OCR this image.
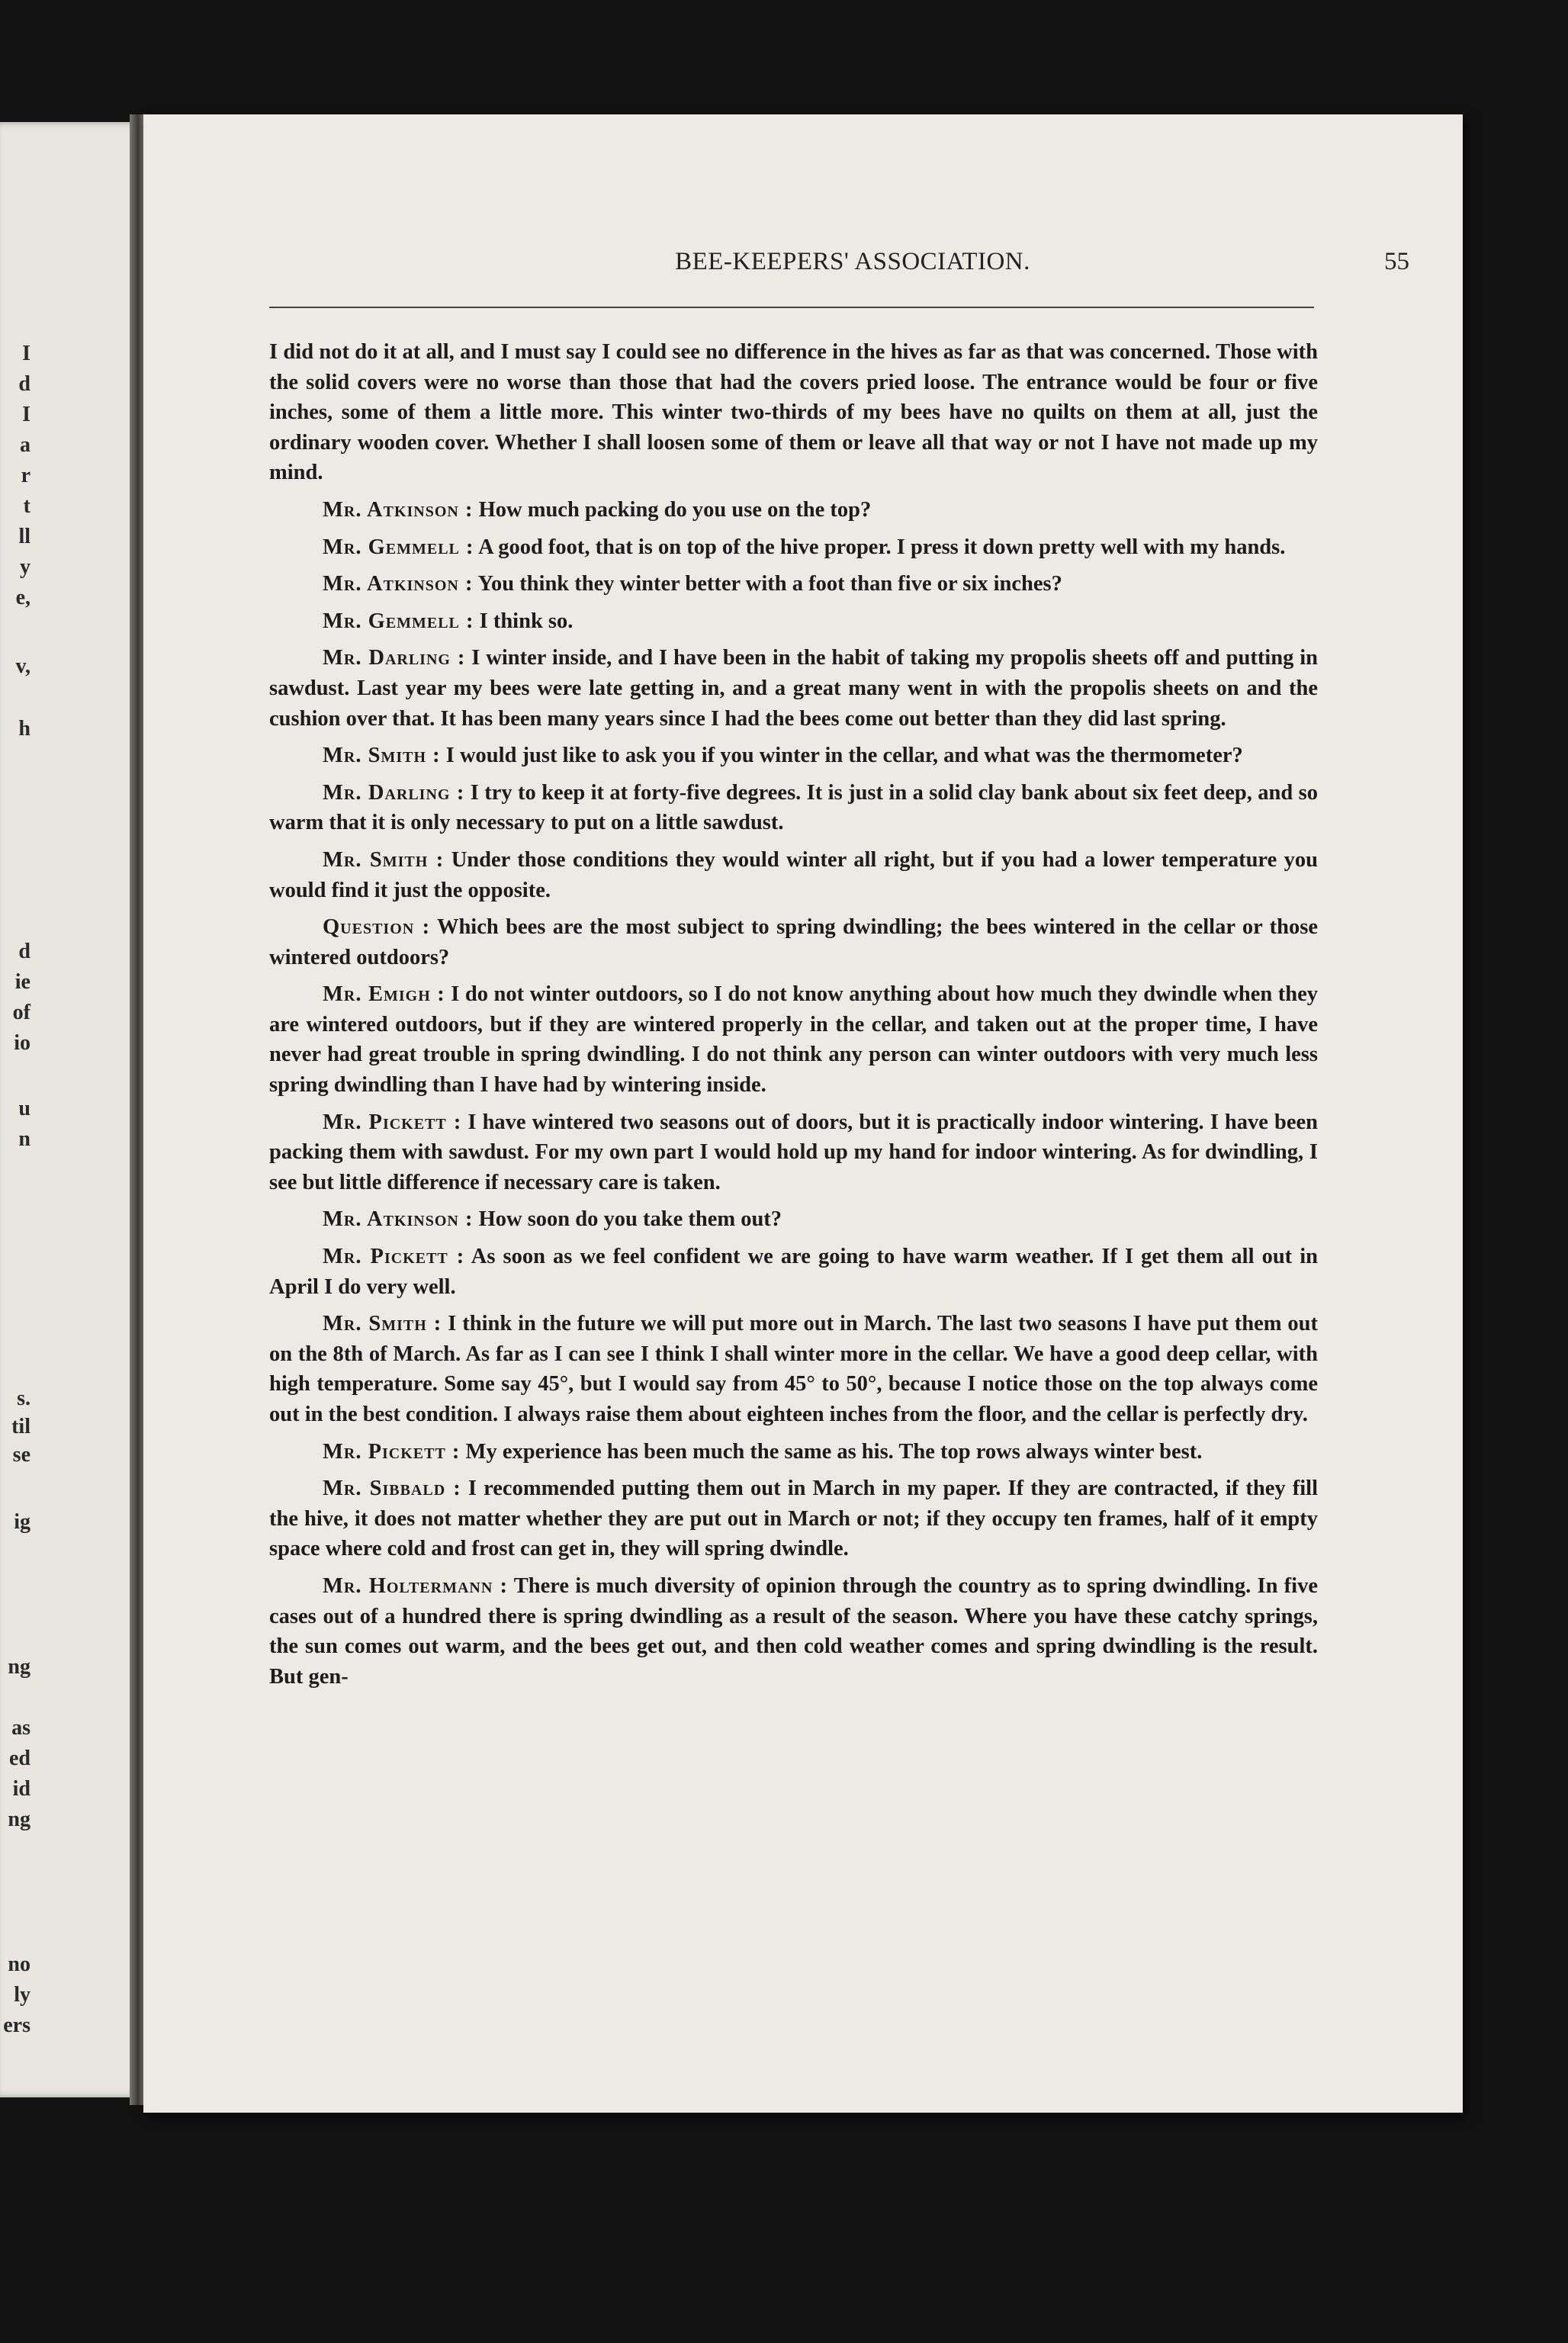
I
d
I
a
r
t
ll
y
e,
v,
h
d
ie
of
io
u
n
s.
til
se
ig
ng
as
ed
id
ng
no
ly
ers
BEE-KEEPERS' ASSOCIATION.	55

I did not do it at all, and I must say I could see no difference in the hives as far as that was concerned. Those with the solid covers were no worse than those that had the covers pried loose. The entrance would be four or five inches, some of them a little more. This winter two-thirds of my bees have no quilts on them at all, just the ordinary wooden cover. Whether I shall loosen some of them or leave all that way or not I have not made up my mind.

Mr. Atkinson : How much packing do you use on the top?

Mr. Gemmell : A good foot, that is on top of the hive proper. I press it down pretty well with my hands.

Mr. Atkinson : You think they winter better with a foot than five or six inches?

Mr. Gemmell : I think so.

Mr. Darling : I winter inside, and I have been in the habit of taking my propolis sheets off and putting in sawdust. Last year my bees were late getting in, and a great many went in with the propolis sheets on and the cushion over that. It has been many years since I had the bees come out better than they did last spring.

Mr. Smith : I would just like to ask you if you winter in the cellar, and what was the thermometer?

Mr. Darling : I try to keep it at forty-five degrees. It is just in a solid clay bank about six feet deep, and so warm that it is only necessary to put on a little sawdust.

Mr. Smith : Under those conditions they would winter all right, but if you had a lower temperature you would find it just the opposite.

Question : Which bees are the most subject to spring dwindling; the bees wintered in the cellar or those wintered outdoors?

Mr. Emigh : I do not winter outdoors, so I do not know anything about how much they dwindle when they are wintered outdoors, but if they are wintered properly in the cellar, and taken out at the proper time, I have never had great trouble in spring dwindling. I do not think any person can winter outdoors with very much less spring dwindling than I have had by wintering inside.

Mr. Pickett : I have wintered two seasons out of doors, but it is practically indoor wintering. I have been packing them with sawdust. For my own part I would hold up my hand for indoor wintering. As for dwindling, I see but little difference if necessary care is taken.

Mr. Atkinson : How soon do you take them out?

Mr. Pickett : As soon as we feel confident we are going to have warm weather. If I get them all out in April I do very well.

Mr. Smith : I think in the future we will put more out in March. The last two seasons I have put them out on the 8th of March. As far as I can see I think I shall winter more in the cellar. We have a good deep cellar, with high temperature. Some say 45°, but I would say from 45° to 50°, because I notice those on the top always come out in the best condition. I always raise them about eighteen inches from the floor, and the cellar is perfectly dry.

Mr. Pickett : My experience has been much the same as his. The top rows always winter best.

Mr. Sibbald : I recommended putting them out in March in my paper. If they are contracted, if they fill the hive, it does not matter whether they are put out in March or not; if they occupy ten frames, half of it empty space where cold and frost can get in, they will spring dwindle.

Mr. Holtermann : There is much diversity of opinion through the country as to spring dwindling. In five cases out of a hundred there is spring dwindling as a result of the season. Where you have these catchy springs, the sun comes out warm, and the bees get out, and then cold weather comes and spring dwindling is the result. But gen-
